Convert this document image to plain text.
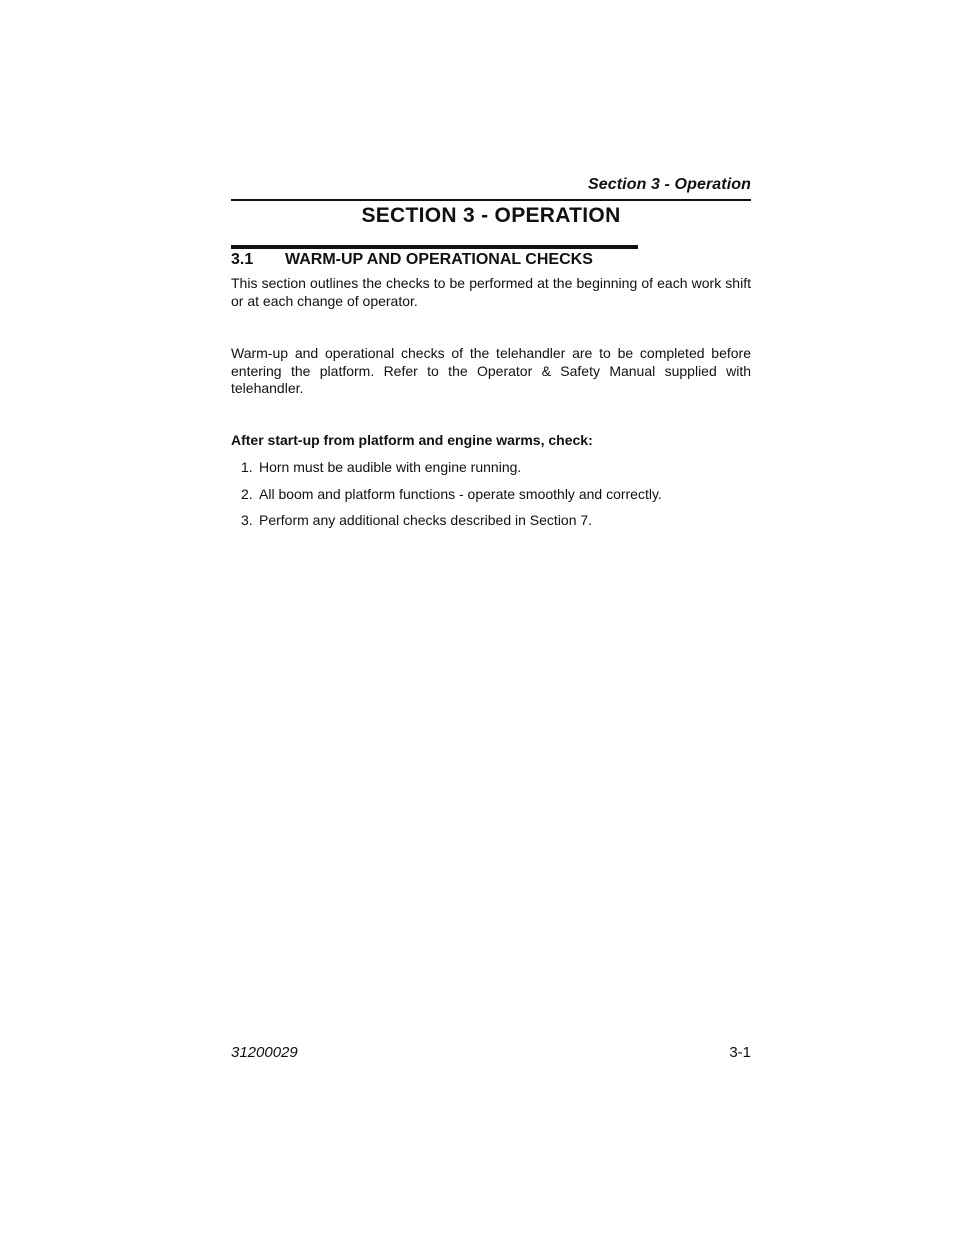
Section 3 - Operation
SECTION 3 - OPERATION
3.1 WARM-UP AND OPERATIONAL CHECKS

This section outlines the checks to be performed at the beginning of each work shift or at each change of operator.

Warm-up and operational checks of the telehandler are to be completed before entering the platform. Refer to the Operator & Safety Manual supplied with telehandler.

After start-up from platform and engine warms, check:
1. Horn must be audible with engine running.
2. All boom and platform functions - operate smoothly and correctly.
3. Perform any additional checks described in Section 7.
31200029	3-1
